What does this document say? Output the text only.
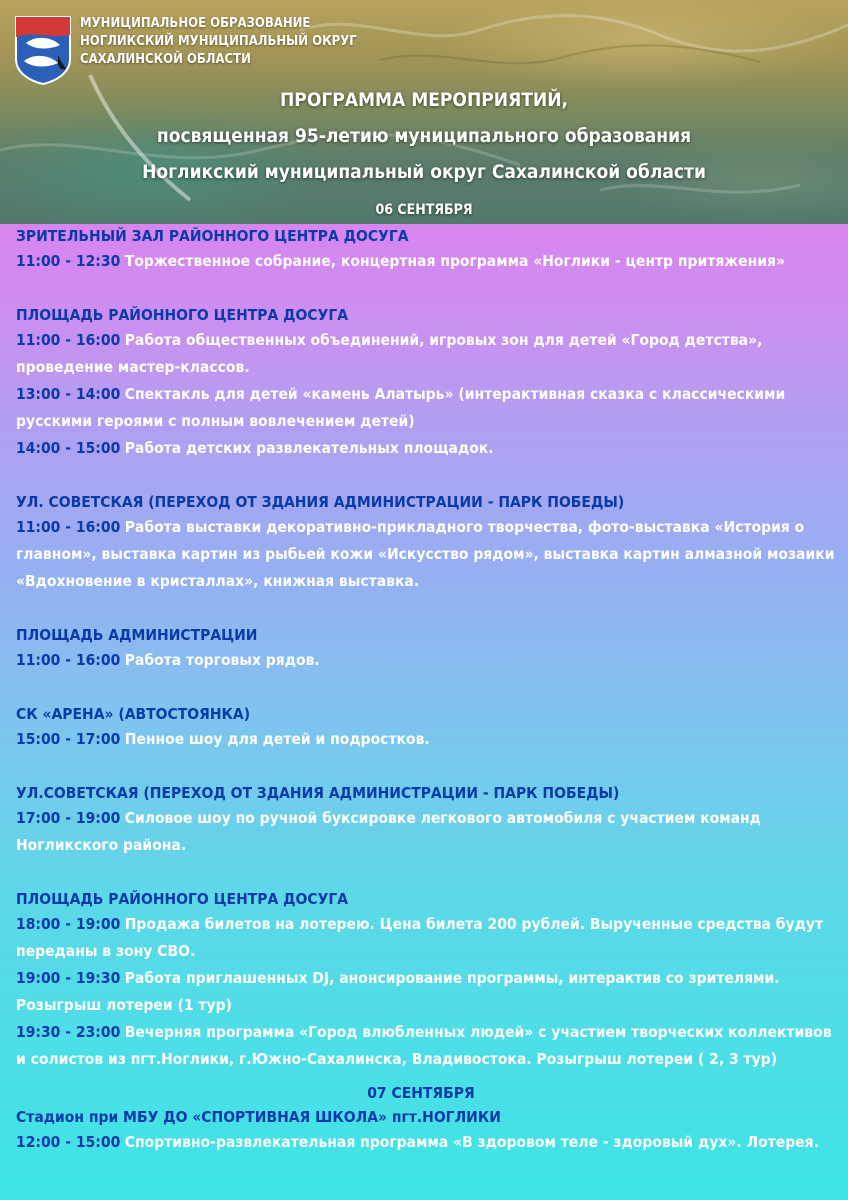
МУНИЦИПАЛЬНОЕ ОБРАЗОВАНИЕ

НОГЛИКСКИЙ МУНИЦИПАЛЬНЫЙ ОКРУГ

САХАЛИНСКОЙ ОБЛАСТИ

ПРОГРАММА МЕРОПРИЯТИЙ,

посвященная 95-летию муниципального образования

Ногликский муниципальный округ Сахалинской области

06 СЕНТЯБРЯ

ЗРИТЕЛЬНЫЙ ЗАЛ РАЙОННОГО ЦЕНТРА ДОСУГА

11:00 - 12:30 Торжественное собрание, концертная программа «Ноглики - центр притяжения»

ПЛОЩАДЬ РАЙОННОГО ЦЕНТРА ДОСУГА

11:00 - 16:00 Работа общественных объединений, игровых зон для детей «Город детства», проведение мастер-классов.

13:00 - 14:00 Спектакль для детей «камень Алатырь» (интерактивная сказка с классическими русскими героями с полным вовлечением детей)

14:00 - 15:00 Работа детских развлекательных площадок.

УЛ. СОВЕТСКАЯ (ПЕРЕХОД ОТ ЗДАНИЯ АДМИНИСТРАЦИИ - ПАРК ПОБЕДЫ)

11:00 - 16:00 Работа выставки декоративно-прикладного творчества, фото-выставка «История о главном», выставка картин из рыбьей кожи «Искусство рядом», выставка картин алмазной мозаики «Вдохновение в кристаллах», книжная выставка.

ПЛОЩАДЬ АДМИНИСТРАЦИИ

11:00 - 16:00 Работа торговых рядов.

СК «АРЕНА» (АВТОСТОЯНКА)

15:00 - 17:00 Пенное шоу для детей и подростков.

УЛ.СОВЕТСКАЯ (ПЕРЕХОД ОТ ЗДАНИЯ АДМИНИСТРАЦИИ - ПАРК ПОБЕДЫ)

17:00 - 19:00 Силовое шоу по ручной буксировке легкового автомобиля с участием команд Ногликского района.

ПЛОЩАДЬ РАЙОННОГО ЦЕНТРА ДОСУГА

18:00 - 19:00 Продажа билетов на лотерею. Цена билета 200 рублей. Вырученные средства будут переданы в зону СВО.

19:00 - 19:30 Работа приглашенных DJ, анонсирование программы, интерактив со зрителями. Розыгрыш лотереи (1 тур)

19:30 - 23:00 Вечерняя программа «Город влюбленных людей» с участием творческих коллективов и солистов из пгт.Ноглики, г.Южно-Сахалинска, Владивостока. Розыгрыш лотереи ( 2, 3 тур)

07 СЕНТЯБРЯ

Стадион при МБУ ДО «СПОРТИВНАЯ ШКОЛА» пгт.НОГЛИКИ

12:00 - 15:00 Спортивно-развлекательная программа «В здоровом теле - здоровый дух». Лотерея.
